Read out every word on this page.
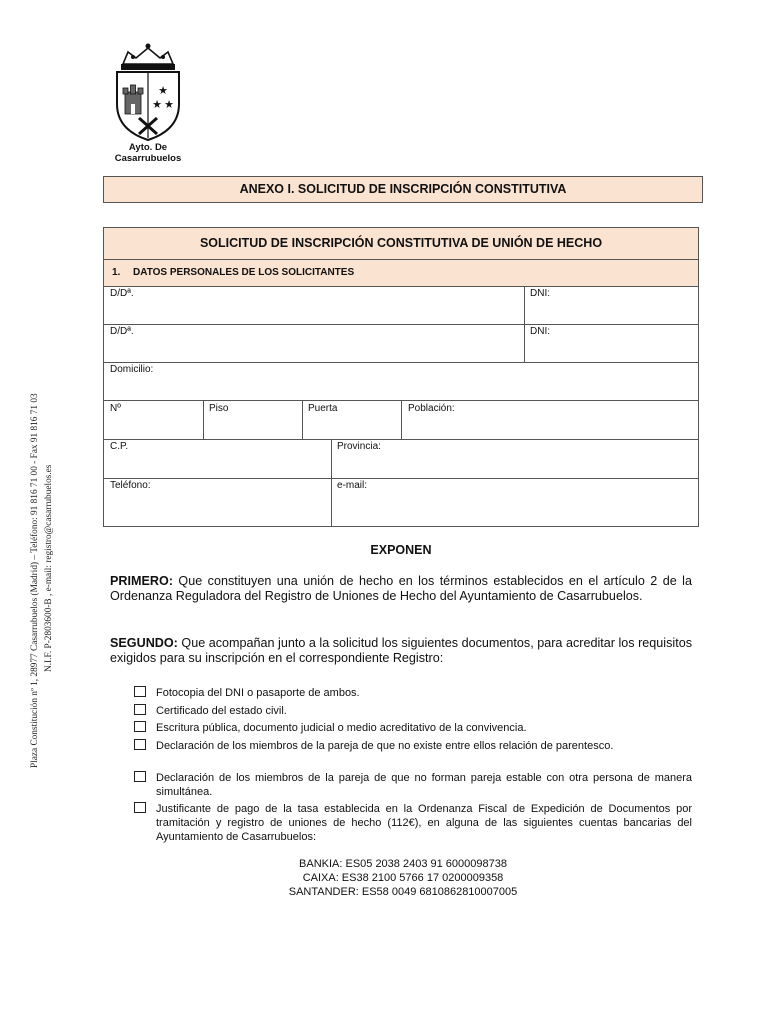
★
★ ★
Ayto. De
Casarrubuelos
Plaza Constitución nº 1, 28977 Casarrubuelos (Madrid) – Teléfono: 91 816 71 00 - Fax 91 816 71 03 N.I.F. P-2803600-B , e-mail: registro@casarrubuelos.es
ANEXO I. SOLICITUD DE INSCRIPCIÓN CONSTITUTIVA
SOLICITUD DE INSCRIPCIÓN CONSTITUTIVA DE UNIÓN DE HECHO
1. DATOS PERSONALES DE LOS SOLICITANTES
D/Dª.	DNI:
D/Dª.	DNI:
Domicilio:
Nº	Piso	Puerta	Población:
C.P.	Provincia:
Teléfono:	e-mail:
EXPONEN
PRIMERO: Que constituyen una unión de hecho en los términos establecidos en el artículo 2 de la Ordenanza Reguladora del Registro de Uniones de Hecho del Ayuntamiento de Casarrubuelos.
SEGUNDO: Que acompañan junto a la solicitud los siguientes documentos, para acreditar los requisitos exigidos para su inscripción en el correspondiente Registro:
Fotocopia del DNI o pasaporte de ambos.
Certificado del estado civil.
Escritura pública, documento judicial o medio acreditativo de la convivencia.
Declaración de los miembros de la pareja de que no existe entre ellos relación de parentesco.
Declaración de los miembros de la pareja de que no forman pareja estable con otra persona de manera simultánea.
Justificante de pago de la tasa establecida en la Ordenanza Fiscal de Expedición de Documentos por tramitación y registro de uniones de hecho (112€), en alguna de las siguientes cuentas bancarias del Ayuntamiento de Casarrubuelos:
BANKIA: ES05 2038 2403 91 6000098738
CAIXA: ES38 2100 5766 17 0200009358
SANTANDER: ES58 0049 6810862810007005
